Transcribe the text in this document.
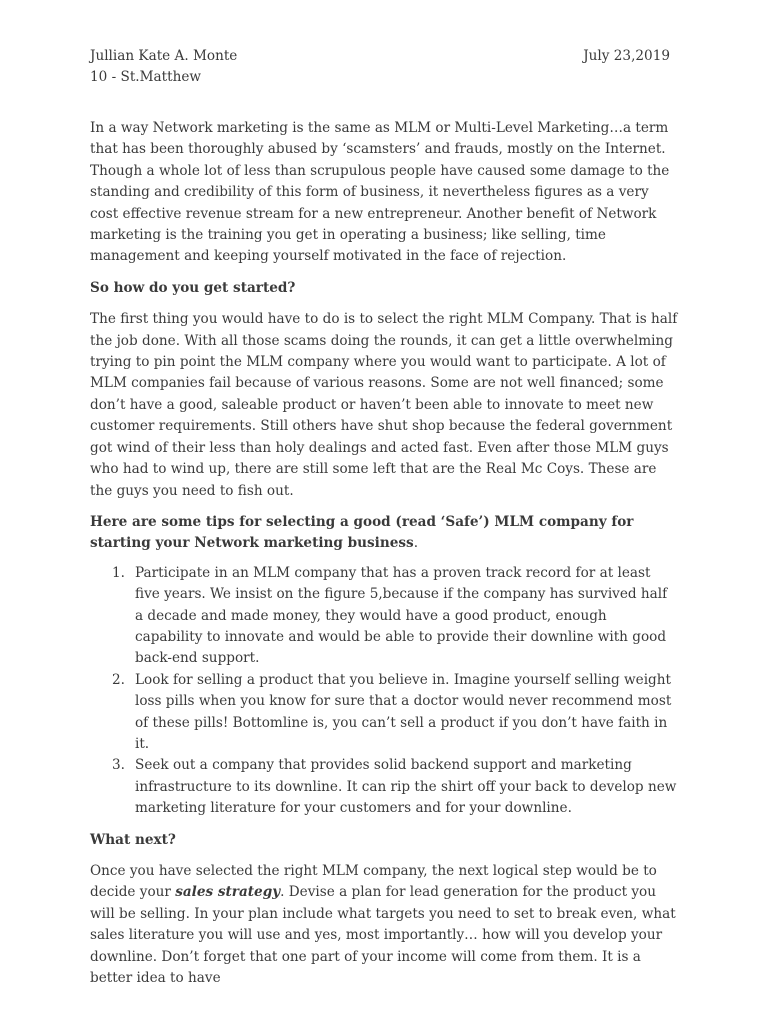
Jullian Kate A. Monte	July 23,2019
10 - St.Matthew

In a way Network marketing is the same as MLM or Multi-Level Marketing…a term that has been thoroughly abused by ‘scamsters’ and frauds, mostly on the Internet. Though a whole lot of less than scrupulous people have caused some damage to the standing and credibility of this form of business, it nevertheless figures as a very cost effective revenue stream for a new entrepreneur. Another benefit of Network marketing is the training you get in operating a business; like selling, time management and keeping yourself motivated in the face of rejection.

So how do you get started?

The first thing you would have to do is to select the right MLM Company. That is half the job done. With all those scams doing the rounds, it can get a little overwhelming trying to pin point the MLM company where you would want to participate. A lot of MLM companies fail because of various reasons. Some are not well financed; some don’t have a good, saleable product or haven’t been able to innovate to meet new customer requirements. Still others have shut shop because the federal government got wind of their less than holy dealings and acted fast. Even after those MLM guys who had to wind up, there are still some left that are the Real Mc Coys. These are the guys you need to fish out.

Here are some tips for selecting a good (read ‘Safe’) MLM company for starting your Network marketing business.

1. Participate in an MLM company that has a proven track record for at least five years. We insist on the figure 5,because if the company has survived half a decade and made money, they would have a good product, enough capability to innovate and would be able to provide their downline with good back-end support.
2. Look for selling a product that you believe in. Imagine yourself selling weight loss pills when you know for sure that a doctor would never recommend most of these pills! Bottomline is, you can’t sell a product if you don’t have faith in it.
3. Seek out a company that provides solid backend support and marketing infrastructure to its downline. It can rip the shirt off your back to develop new marketing literature for your customers and for your downline.

What next?

Once you have selected the right MLM company, the next logical step would be to decide your sales strategy. Devise a plan for lead generation for the product you will be selling. In your plan include what targets you need to set to break even, what sales literature you will use and yes, most importantly… how will you develop your downline. Don’t forget that one part of your income will come from them. It is a better idea to have
